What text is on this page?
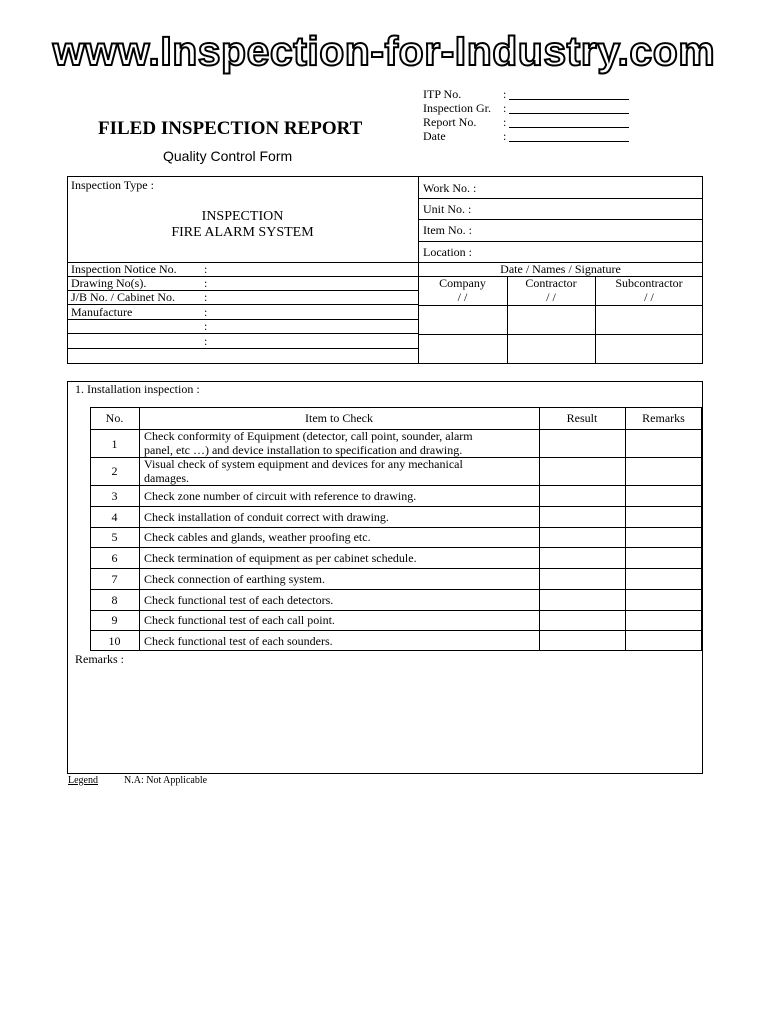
www.Inspection-for-Industry.com
FILED INSPECTION REPORT
Quality Control Form
ITP No.	:
Inspection Gr. :
Report No. :
Date	:
Inspection Type :
INSPECTION
FIRE ALARM SYSTEM
Work No. :
Unit No. :
Item No. :
Location :
Inspection Notice No. :
Drawing No(s).	:
J/B No. / Cabinet No. :
Manufacture	:
:
:
Date / Names / Signature
Company	Contractor	Subcontractor
/ /	/ /	/ /
1. Installation inspection :
No.	Item to Check	Result	Remarks
1
Check conformity of Equipment (detector, call point, sounder, alarm
panel, etc …) and device installation to specification and drawing.
2	Visual check of system equipment and devices for any mechanical
damages.
3	Check zone number of circuit with reference to drawing.
4	Check installation of conduit correct with drawing.
5	Check cables and glands, weather proofing etc.
6	Check termination of equipment as per cabinet schedule.
7	Check connection of earthing system.
8	Check functional test of each detectors.
9	Check functional test of each call point.
10	Check functional test of each sounders.
Remarks :
Legend	N.A: Not Applicable
